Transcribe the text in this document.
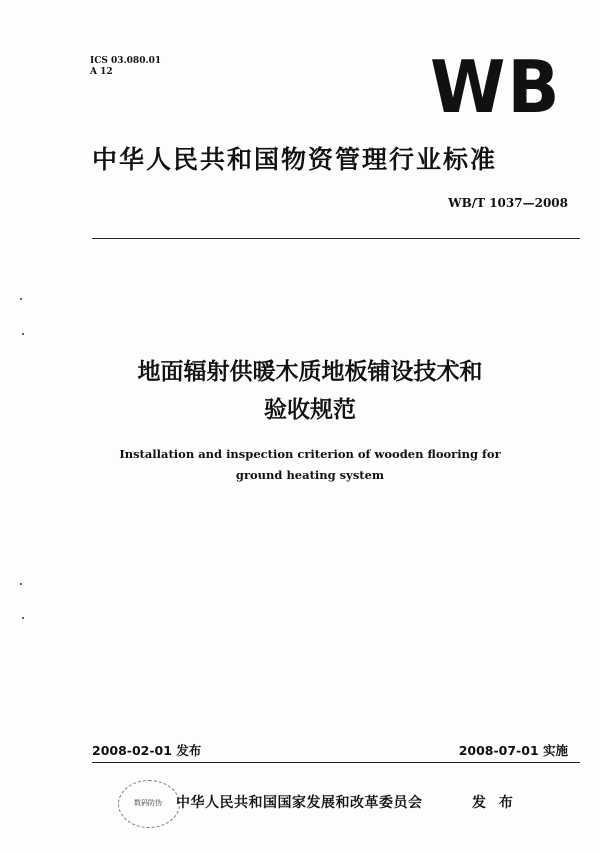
ICS 03.080.01
A 12	WB
中华人民共和国物资管理行业标准
WB/T 1037—2008
地面辐射供暖木质地板铺设技术和
验收规范
Installation and inspection criterion of wooden flooring for
ground heating system
2008-02-01 发布	2008-07-01 实施
数码防伪	中华人民共和国国家发展和改革委员会	发 布
